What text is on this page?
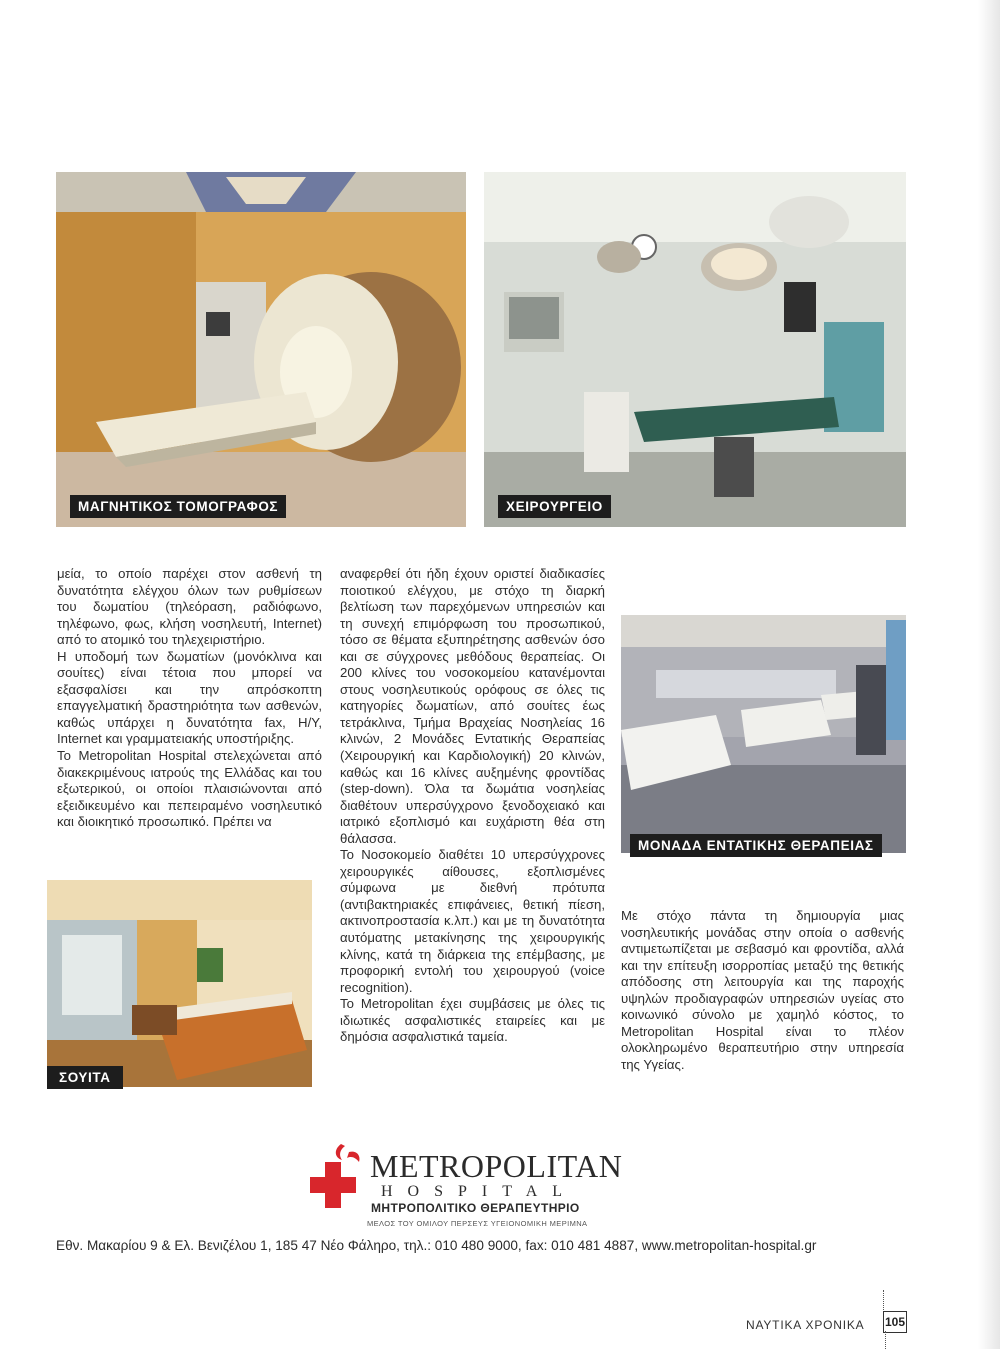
ΜΑΓΝΗΤΙΚΟΣ ΤΟΜΟΓΡΑΦΟΣ	ΧΕΙΡΟΥΡΓΕΙΟ
ΜΟΝΑΔΑ ΕΝΤΑΤΙΚΗΣ ΘΕΡΑΠΕΙΑΣ
ΣΟΥΙΤΑ

μεία, το οποίο παρέχει στον ασθενή τη δυνατότητα ελέγχου όλων των ρυθμίσεων του δωματίου (τηλεόραση, ραδιόφωνο, τηλέφωνο, φως, κλήση νοσηλευτή, Internet) από το ατομικό του τηλεχειριστήριο.

Η υποδομή των δωματίων (μονόκλινα και σουίτες) είναι τέτοια που μπορεί να εξασφαλίσει και την απρόσκοπτη επαγγελματική δραστηριότητα των ασθενών, καθώς υπάρχει η δυνατότητα fax, H/Y, Internet και γραμματειακής υποστήριξης.

Το Metropolitan Hospital στελεχώνεται από διακεκριμένους ιατρούς της Ελλάδας και του εξωτερικού, οι οποίοι πλαισιώνονται από εξειδικευμένο και πεπειραμένο νοσηλευτικό και διοικητικό προσωπικό. Πρέπει να

αναφερθεί ότι ήδη έχουν οριστεί διαδικασίες ποιοτικού ελέγχου, με στόχο τη διαρκή βελτίωση των παρεχόμενων υπηρεσιών και τη συνεχή επιμόρφωση του προσωπικού, τόσο σε θέματα εξυπηρέτησης ασθενών όσο και σε σύγχρονες μεθόδους θεραπείας. Οι 200 κλίνες του νοσοκομείου κατανέμονται στους νοσηλευτικούς ορόφους σε όλες τις κατηγορίες δωματίων, από σουίτες έως τετράκλινα, Τμήμα Βραχείας Νοσηλείας 16 κλινών, 2 Μονάδες Εντατικής Θεραπείας (Χειρουργική και Καρδιολογική) 20 κλινών, καθώς και 16 κλίνες αυξημένης φροντίδας (step-down). Όλα τα δωμάτια νοσηλείας διαθέτουν υπερσύγχρονο ξενοδοχειακό και ιατρικό εξοπλισμό και ευχάριστη θέα στη θάλασσα.

Το Νοσοκομείο διαθέτει 10 υπερσύγχρονες χειρουργικές αίθουσες, εξοπλισμένες σύμφωνα με διεθνή πρότυπα (αντιβακτηριακές επιφάνειες, θετική πίεση, ακτινοπροστασία κ.λπ.) και με τη δυνατότητα αυτόματης μετακίνησης της χειρουργικής κλίνης, κατά τη διάρκεια της επέμβασης, με προφορική εντολή του χειρουργού (voice recognition).

Το Metropolitan έχει συμβάσεις με όλες τις ιδιωτικές ασφαλιστικές εταιρείες και με δημόσια ασφαλιστικά ταμεία.

Με στόχο πάντα τη δημιουργία μιας νοσηλευτικής μονάδας στην οποία ο ασθενής αντιμετωπίζεται με σεβασμό και φροντίδα, αλλά και την επίτευξη ισορροπίας μεταξύ της θετικής απόδοσης στη λειτουργία και της παροχής υψηλών προδιαγραφών υπηρεσιών υγείας στο κοινωνικό σύνολο με χαμηλό κόστος, το Metropolitan Hospital είναι το πλέον ολοκληρωμένο θεραπευτήριο στην υπηρεσία της Υγείας.

METROPOLITAN
HOSPITAL
ΜΗΤΡΟΠΟΛΙΤΙΚΟ ΘΕΡΑΠΕΥΤΗΡΙΟ
ΜΕΛΟΣ ΤΟΥ ΟΜΙΛΟΥ ΠΕΡΣΕΥΣ ΥΓΕΙΟΝΟΜΙΚΗ ΜΕΡΙΜΝΑ
Εθν. Μακαρίου 9 & Ελ. Βενιζέλου 1, 185 47 Νέο Φάληρο, τηλ.: 010 480 9000, fax: 010 481 4887, www.metropolitan-hospital.gr
ΝΑΥΤΙΚΑ ΧΡΟΝΙΚΑ 105
